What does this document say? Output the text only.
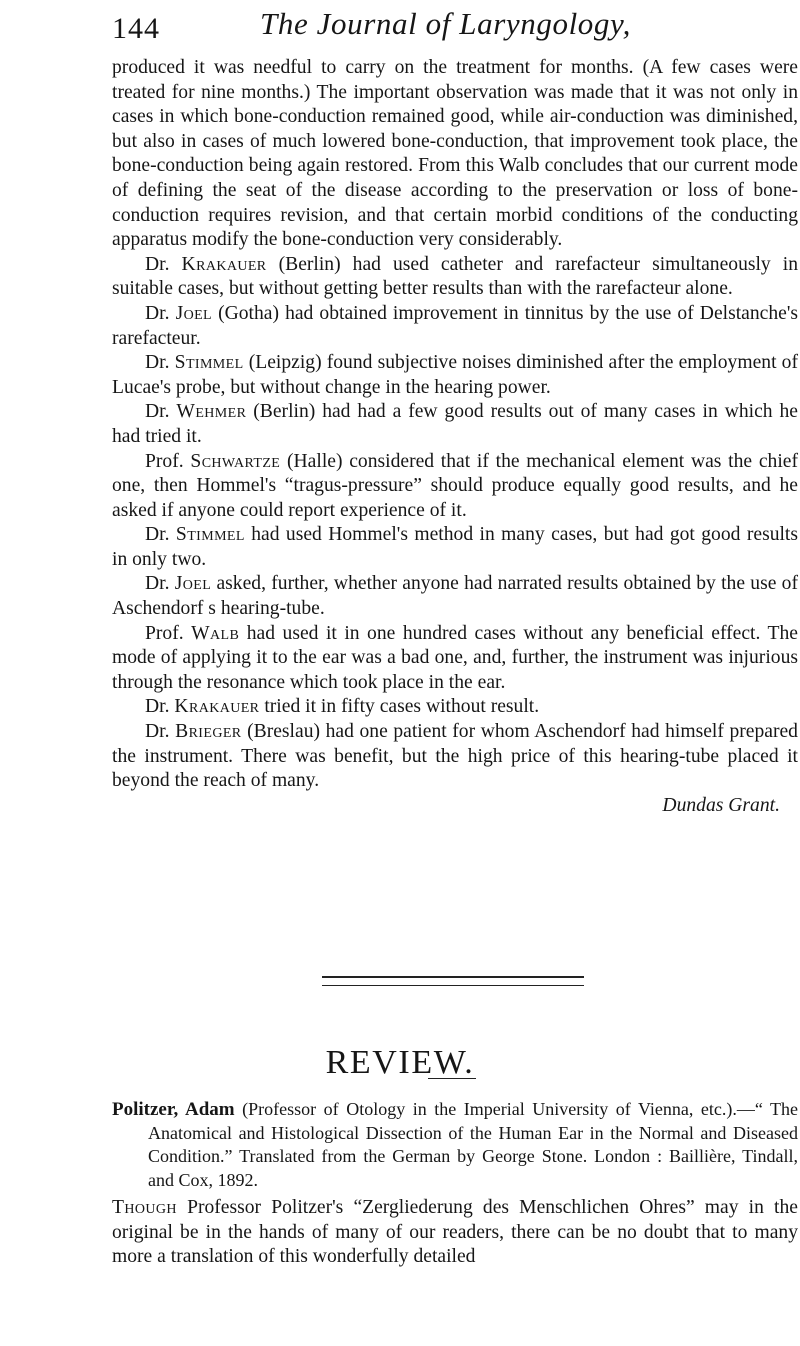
144	The Journal of Laryngology,

produced it was needful to carry on the treatment for months. (A few cases were treated for nine months.) The important observation was made that it was not only in cases in which bone-conduction remained good, while air-conduction was diminished, but also in cases of much lowered bone-conduction, that improvement took place, the bone-conduction being again restored. From this Walb concludes that our current mode of defining the seat of the disease according to the preservation or loss of bone-conduction requires revision, and that certain morbid conditions of the conducting apparatus modify the bone-conduction very considerably.

Dr. Krakauer (Berlin) had used catheter and rarefacteur simultaneously in suitable cases, but without getting better results than with the rarefacteur alone.

Dr. Joel (Gotha) had obtained improvement in tinnitus by the use of Delstanche's rarefacteur.

Dr. Stimmel (Leipzig) found subjective noises diminished after the employment of Lucae's probe, but without change in the hearing power.

Dr. Wehmer (Berlin) had had a few good results out of many cases in which he had tried it.

Prof. Schwartze (Halle) considered that if the mechanical element was the chief one, then Hommel's “tragus-pressure” should produce equally good results, and he asked if anyone could report experience of it.

Dr. Stimmel had used Hommel's method in many cases, but had got good results in only two.

Dr. Joel asked, further, whether anyone had narrated results obtained by the use of Aschendorf s hearing-tube.

Prof. Walb had used it in one hundred cases without any beneficial effect. The mode of applying it to the ear was a bad one, and, further, the instrument was injurious through the resonance which took place in the ear.

Dr. Krakauer tried it in fifty cases without result.

Dr. Brieger (Breslau) had one patient for whom Aschendorf had himself prepared the instrument. There was benefit, but the high price of this hearing-tube placed it beyond the reach of many.

Dundas Grant.

REVIEW.

Politzer, Adam (Professor of Otology in the Imperial University of Vienna, etc.).—“ The Anatomical and Histological Dissection of the Human Ear in the Normal and Diseased Condition.” Translated from the German by George Stone. London : Baillière, Tindall, and Cox, 1892.

Though Professor Politzer's “Zergliederung des Menschlichen Ohres” may in the original be in the hands of many of our readers, there can be no doubt that to many more a translation of this wonderfully detailed
